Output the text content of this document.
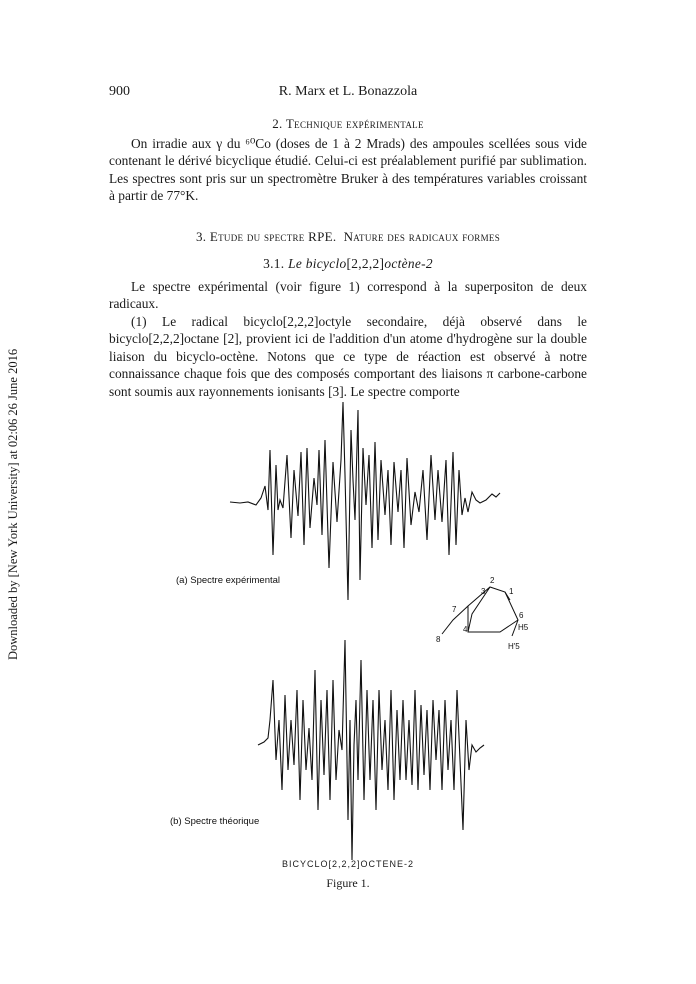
900	R. Marx et L. Bonazzola
Downloaded by [New York University] at 02:06 26 June 2016
2. Technique expérimentale
On irradie aux γ du ⁶⁰Co (doses de 1 à 2 Mrads) des ampoules scellées sous vide contenant le dérivé bicyclique étudié. Celui-ci est préalablement purifié par sublimation. Les spectres sont pris sur un spectromètre Bruker à des températures variables croissant à partir de 77°K.
3. Etude du spectre RPE. Nature des radicaux formes
3.1. Le bicyclo[2,2,2]octène-2
Le spectre expérimental (voir figure 1) correspond à la superpositon de deux radicaux.
(1) Le radical bicyclo[2,2,2]octyle secondaire, déjà observé dans le bicyclo[2,2,2]octane [2], provient ici de l'addition d'un atome d'hydrogène sur la double liaison du bicyclo-octène. Notons que ce type de réaction est observé à notre connaissance chaque fois que des composés comportant des liaisons π carbone-carbone sont soumis aux rayonnements ionisants [3]. Le spectre comporte
3
2
1
7
4
6
H5
8
H'5
(a) Spectre expérimental
(b) Spectre théorique
BICYCLO[2,2,2]OCTENE-2
Figure 1.
